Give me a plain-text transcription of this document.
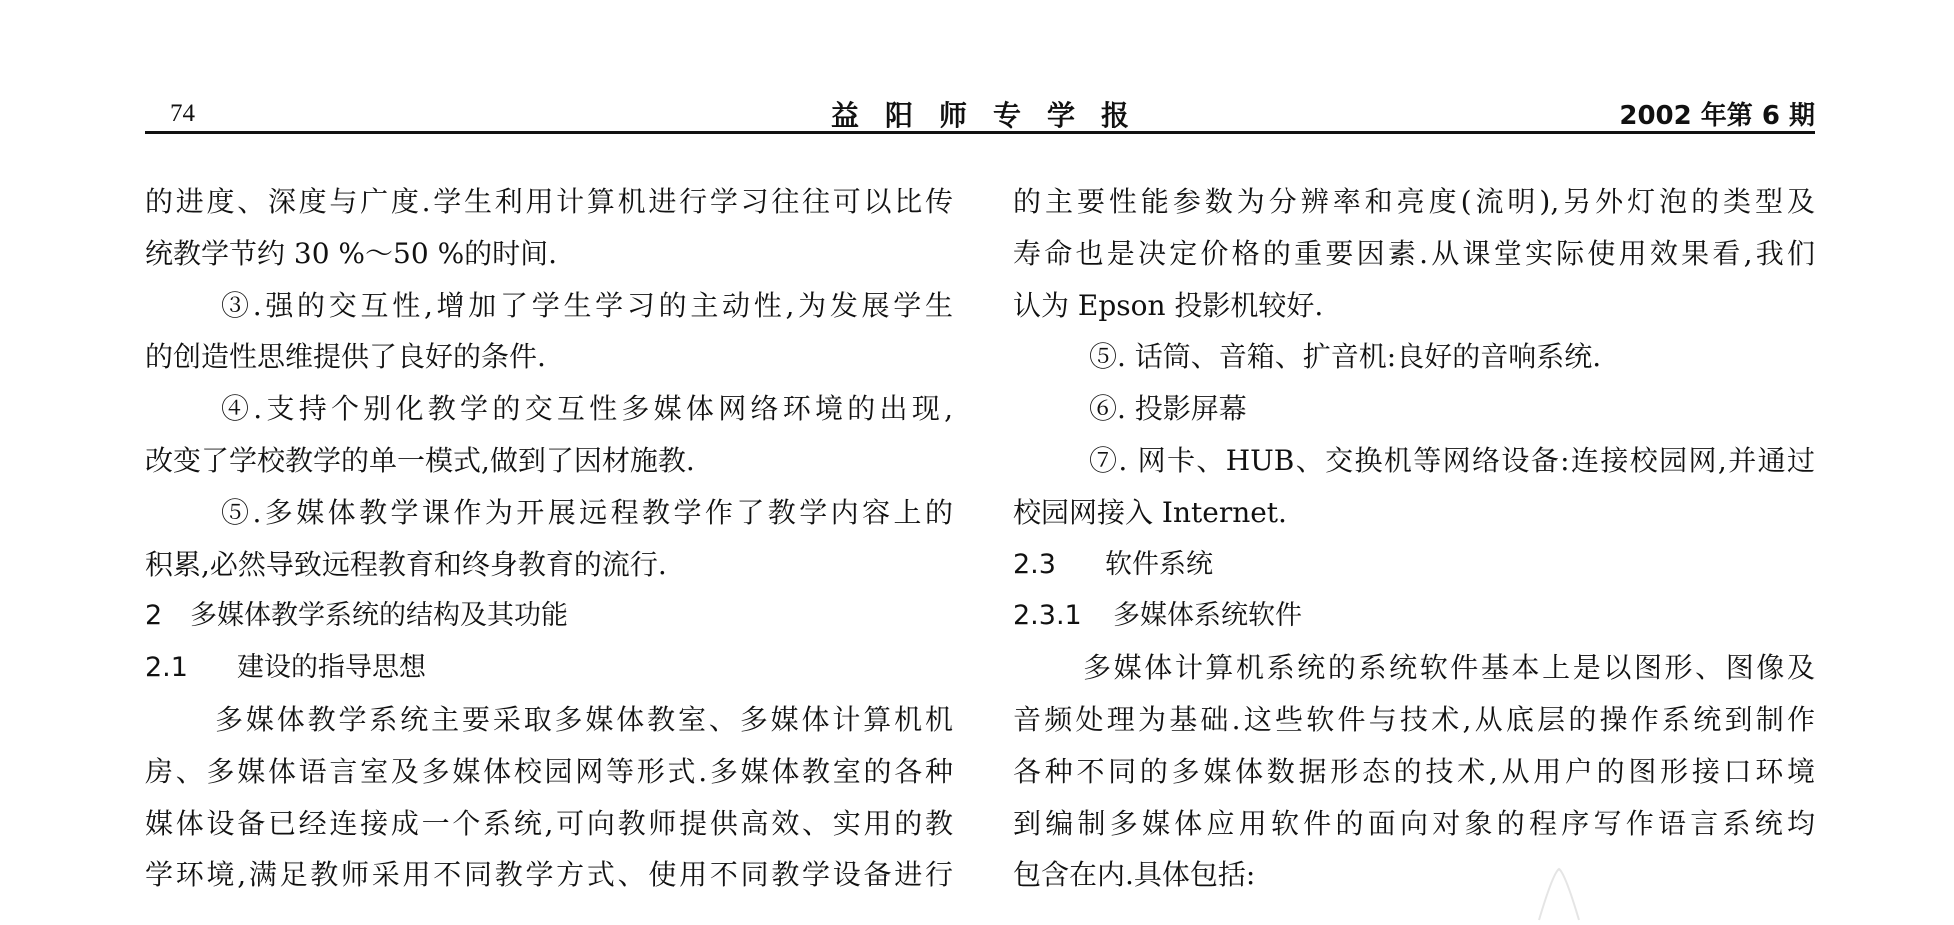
74	益阳师专学报	2002 年第 6 期
的进度、深度与广度.学生利用计算机进行学习往往可以比传
统教学节约 30 %～50 %的时间.
③.强的交互性,增加了学生学习的主动性,为发展学生
的创造性思维提供了良好的条件.
④.支持个别化教学的交互性多媒体网络环境的出现,
改变了学校教学的单一模式,做到了因材施教.
⑤.多媒体教学课作为开展远程教学作了教学内容上的
积累,必然导致远程教育和终身教育的流行.
2 多媒体教学系统的结构及其功能
2.1 建设的指导思想
多媒体教学系统主要采取多媒体教室、多媒体计算机机
房、多媒体语言室及多媒体校园网等形式.多媒体教室的各种
媒体设备已经连接成一个系统,可向教师提供高效、实用的教
学环境,满足教师采用不同教学方式、使用不同教学设备进行
的主要性能参数为分辨率和亮度(流明),另外灯泡的类型及
寿命也是决定价格的重要因素.从课堂实际使用效果看,我们
认为 Epson 投影机较好.
⑤. 话筒、音箱、扩音机:良好的音响系统.
⑥. 投影屏幕
⑦. 网卡、HUB、交换机等网络设备:连接校园网,并通过
校园网接入 Internet.
2.3 软件系统
2.3.1 多媒体系统软件
多媒体计算机系统的系统软件基本上是以图形、图像及
音频处理为基础.这些软件与技术,从底层的操作系统到制作
各种不同的多媒体数据形态的技术,从用户的图形接口环境
到编制多媒体应用软件的面向对象的程序写作语言系统均
包含在内.具体包括:
